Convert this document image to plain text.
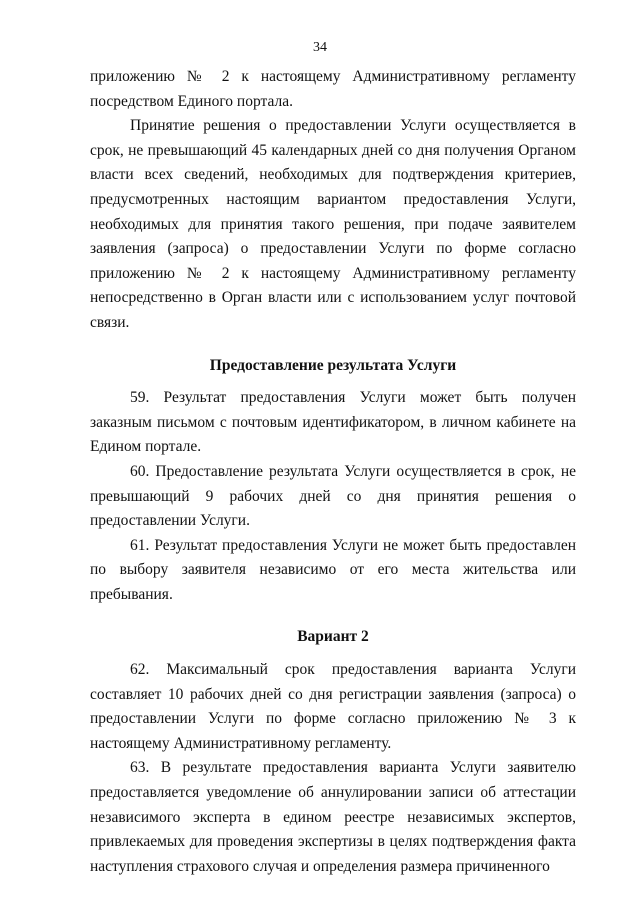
34

приложению № 2 к настоящему Административному регламенту посредством Единого портала.

Принятие решения о предоставлении Услуги осуществляется в срок, не превышающий 45 календарных дней со дня получения Органом власти всех сведений, необходимых для подтверждения критериев, предусмотренных настоящим вариантом предоставления Услуги, необходимых для принятия такого решения, при подаче заявителем заявления (запроса) о предоставлении Услуги по форме согласно приложению № 2 к настоящему Административному регламенту непосредственно в Орган власти или с использованием услуг почтовой связи.

Предоставление результата Услуги

59. Результат предоставления Услуги может быть получен заказным письмом с почтовым идентификатором, в личном кабинете на Едином портале.

60. Предоставление результата Услуги осуществляется в срок, не превышающий 9 рабочих дней со дня принятия решения о предоставлении Услуги.

61. Результат предоставления Услуги не может быть предоставлен по выбору заявителя независимо от его места жительства или пребывания.

Вариант 2

62. Максимальный срок предоставления варианта Услуги составляет 10 рабочих дней со дня регистрации заявления (запроса) о предоставлении Услуги по форме согласно приложению № 3 к настоящему Административному регламенту.

63. В результате предоставления варианта Услуги заявителю предоставляется уведомление об аннулировании записи об аттестации независимого эксперта в едином реестре независимых экспертов, привлекаемых для проведения экспертизы в целях подтверждения факта наступления страхового случая и определения размера причиненного
